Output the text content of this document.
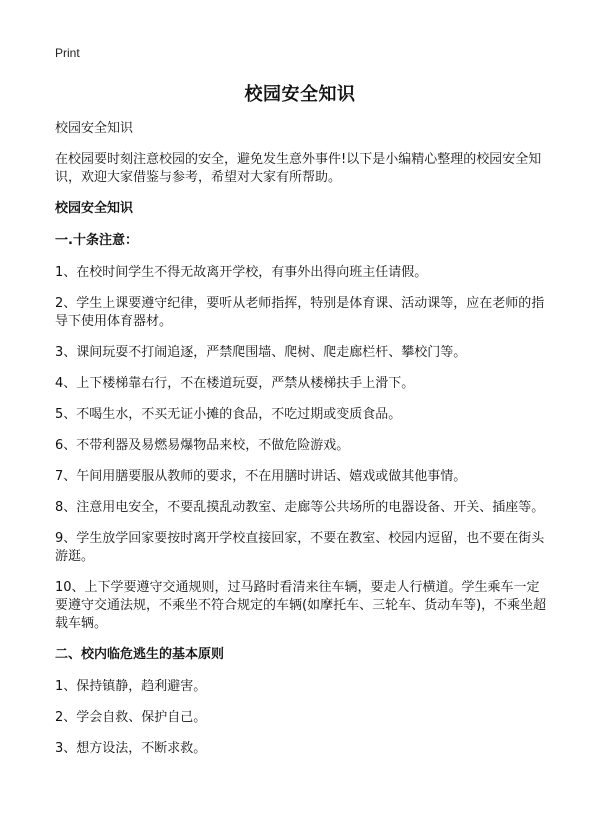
Print
校园安全知识

校园安全知识

在校园要时刻注意校园的安全，避免发生意外事件!以下是小编精心整理的校园安全知识，欢迎大家借鉴与参考，希望对大家有所帮助。

校园安全知识

一.十条注意：

1、在校时间学生不得无故离开学校，有事外出得向班主任请假。

2、学生上课要遵守纪律，要听从老师指挥，特别是体育课、活动课等，应在老师的指导下使用体育器材。

3、课间玩耍不打闹追逐，严禁爬围墙、爬树、爬走廊栏杆、攀校门等。

4、上下楼梯靠右行，不在楼道玩耍，严禁从楼梯扶手上滑下。

5、不喝生水，不买无证小摊的食品，不吃过期或变质食品。

6、不带利器及易燃易爆物品来校，不做危险游戏。

7、午间用膳要服从教师的要求，不在用膳时讲话、嬉戏或做其他事情。

8、注意用电安全，不要乱摸乱动教室、走廊等公共场所的电器设备、开关、插座等。

9、学生放学回家要按时离开学校直接回家，不要在教室、校园内逗留，也不要在街头游逛。

10、上下学要遵守交通规则，过马路时看清来往车辆，要走人行横道。学生乘车一定要遵守交通法规，不乘坐不符合规定的车辆(如摩托车、三轮车、货动车等)，不乘坐超载车辆。

二、校内临危逃生的基本原则

1、保持镇静，趋利避害。

2、学会自救、保护自己。

3、想方设法，不断求救。
